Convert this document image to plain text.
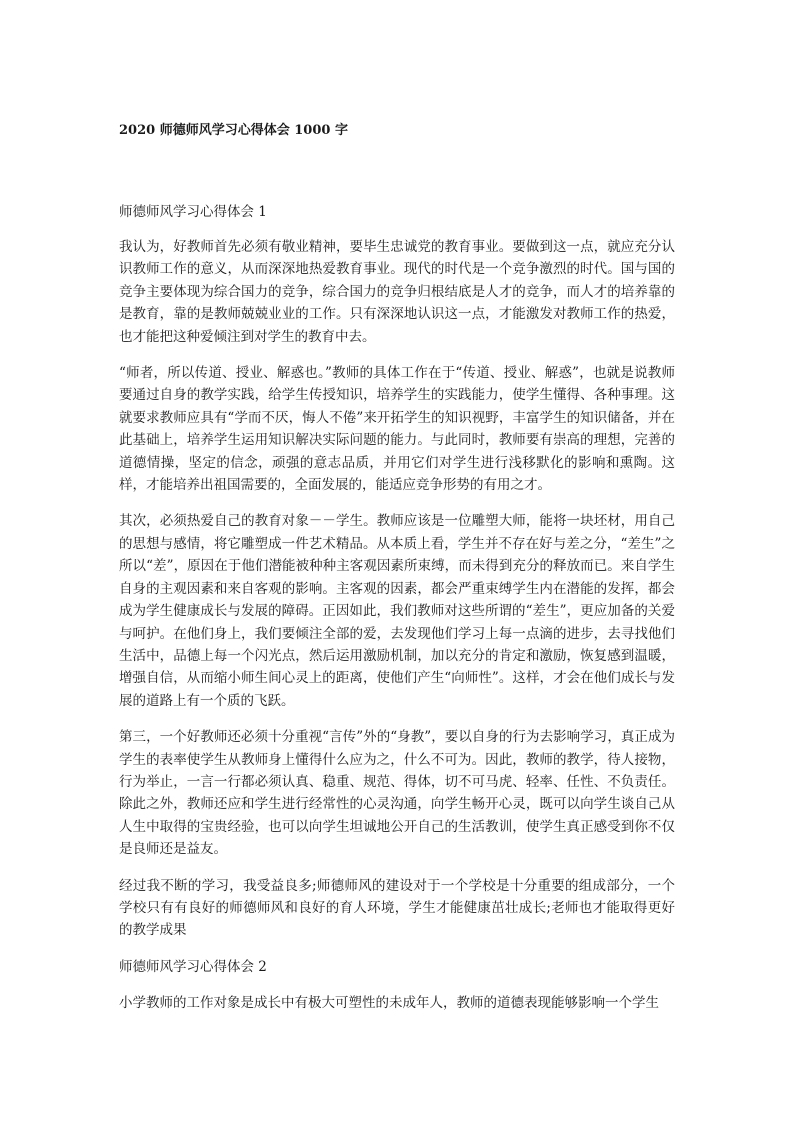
2020 师德师风学习心得体会 1000 字

师德师风学习心得体会 1

我认为，好教师首先必须有敬业精神，要毕生忠诚党的教育事业。要做到这一点，就应充分认识教师工作的意义，从而深深地热爱教育事业。现代的时代是一个竞争激烈的时代。国与国的竞争主要体现为综合国力的竞争，综合国力的竞争归根结底是人才的竞争，而人才的培养靠的是教育，靠的是教师兢兢业业的工作。只有深深地认识这一点，才能激发对教师工作的热爱，也才能把这种爱倾注到对学生的教育中去。

“师者，所以传道、授业、解惑也。”教师的具体工作在于“传道、授业、解惑”，也就是说教师要通过自身的教学实践，给学生传授知识，培养学生的实践能力，使学生懂得、各种事理。这就要求教师应具有“学而不厌，悔人不倦”来开拓学生的知识视野，丰富学生的知识储备，并在此基础上，培养学生运用知识解决实际问题的能力。与此同时，教师要有崇高的理想，完善的道德情操，坚定的信念，顽强的意志品质，并用它们对学生进行浅移默化的影响和熏陶。这样，才能培养出祖国需要的，全面发展的，能适应竞争形势的有用之才。

其次，必须热爱自己的教育对象－－学生。教师应该是一位雕塑大师，能将一块坯材，用自己的思想与感情，将它雕塑成一件艺术精品。从本质上看，学生并不存在好与差之分，“差生”之所以“差”，原因在于他们潜能被种种主客观因素所束缚，而未得到充分的释放而已。来自学生自身的主观因素和来自客观的影响。主客观的因素，都会严重束缚学生内在潜能的发挥，都会成为学生健康成长与发展的障碍。正因如此，我们教师对这些所谓的“差生”，更应加备的关爱与呵护。在他们身上，我们要倾注全部的爱，去发现他们学习上每一点滴的进步，去寻找他们生活中，品德上每一个闪光点，然后运用激励机制，加以充分的肯定和激励，恢复感到温暖，增强自信，从而缩小师生间心灵上的距离，使他们产生“向师性”。这样，才会在他们成长与发展的道路上有一个质的飞跃。

第三，一个好教师还必须十分重视“言传”外的“身教”，要以自身的行为去影响学习，真正成为学生的表率使学生从教师身上懂得什么应为之，什么不可为。因此，教师的教学，待人接物，行为举止，一言一行都必须认真、稳重、规范、得体，切不可马虎、轻率、任性、不负责任。除此之外，教师还应和学生进行经常性的心灵沟通，向学生畅开心灵，既可以向学生谈自己从人生中取得的宝贵经验，也可以向学生坦诚地公开自己的生活教训，使学生真正感受到你不仅是良师还是益友。

经过我不断的学习，我受益良多;师德师风的建设对于一个学校是十分重要的组成部分，一个学校只有有良好的师德师风和良好的育人环境，学生才能健康茁壮成长;老师也才能取得更好的教学成果

师德师风学习心得体会 2

小学教师的工作对象是成长中有极大可塑性的未成年人，教师的道德表现能够影响一个学生
